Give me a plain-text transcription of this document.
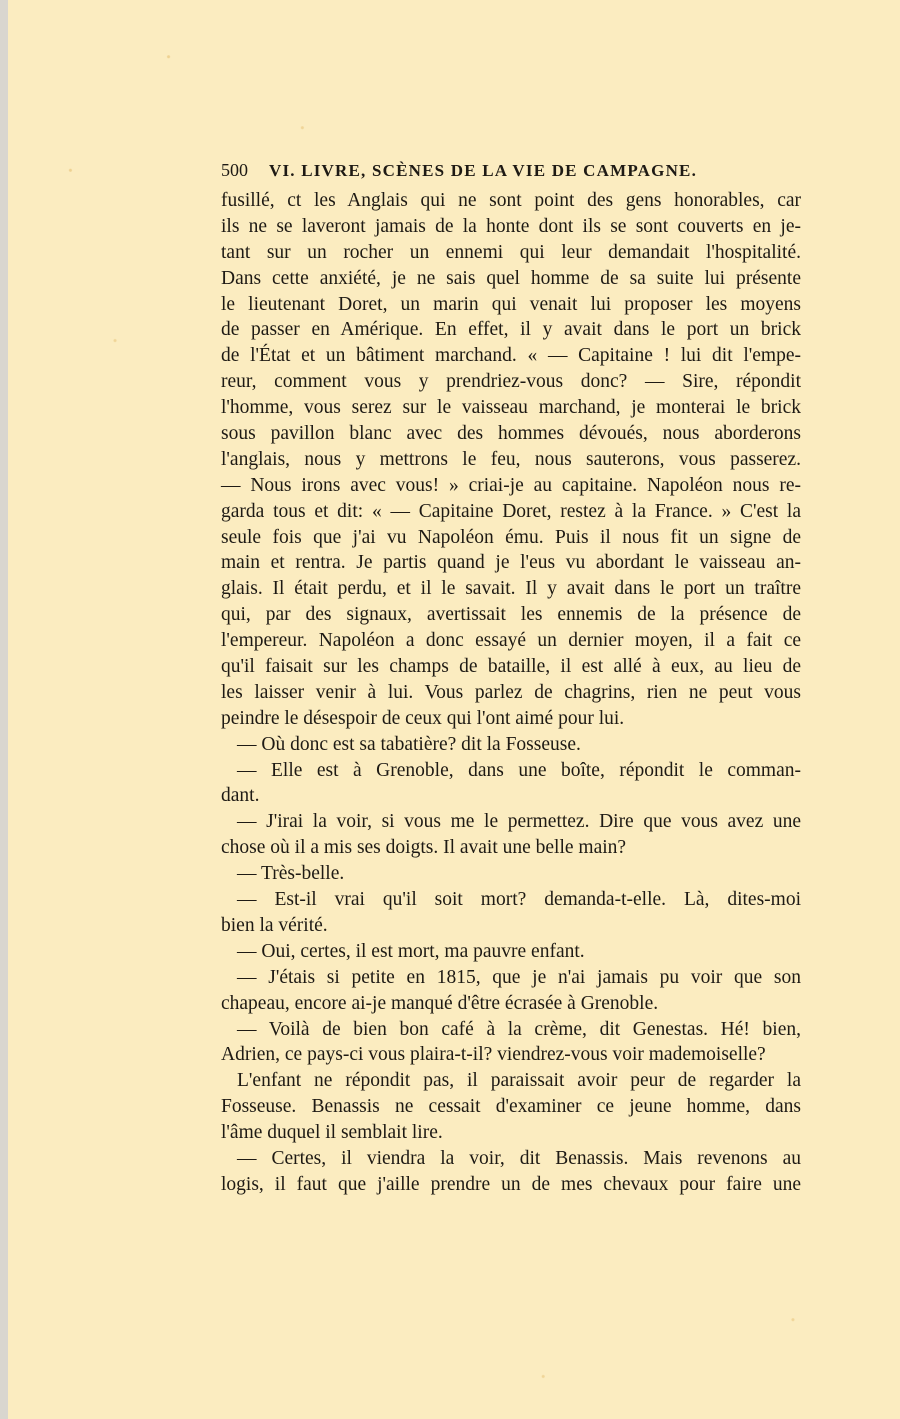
500	VI. LIVRE, SCÈNES DE LA VIE DE CAMPAGNE.
fusillé, ct les Anglais qui ne sont point des gens honorables, car
ils ne se laveront jamais de la honte dont ils se sont couverts en je-
tant sur un rocher un ennemi qui leur demandait l'hospitalité.
Dans cette anxiété, je ne sais quel homme de sa suite lui présente
le lieutenant Doret, un marin qui venait lui proposer les moyens
de passer en Amérique. En effet, il y avait dans le port un brick
de l'État et un bâtiment marchand. « — Capitaine ! lui dit l'empe-
reur, comment vous y prendriez-vous donc? — Sire, répondit
l'homme, vous serez sur le vaisseau marchand, je monterai le brick
sous pavillon blanc avec des hommes dévoués, nous aborderons
l'anglais, nous y mettrons le feu, nous sauterons, vous passerez.
— Nous irons avec vous! » criai-je au capitaine. Napoléon nous re-
garda tous et dit: « — Capitaine Doret, restez à la France. » C'est la
seule fois que j'ai vu Napoléon ému. Puis il nous fit un signe de
main et rentra. Je partis quand je l'eus vu abordant le vaisseau an-
glais. Il était perdu, et il le savait. Il y avait dans le port un traître
qui, par des signaux, avertissait les ennemis de la présence de
l'empereur. Napoléon a donc essayé un dernier moyen, il a fait ce
qu'il faisait sur les champs de bataille, il est allé à eux, au lieu de
les laisser venir à lui. Vous parlez de chagrins, rien ne peut vous
peindre le désespoir de ceux qui l'ont aimé pour lui.
— Où donc est sa tabatière? dit la Fosseuse.
— Elle est à Grenoble, dans une boîte, répondit le comman-
dant.
— J'irai la voir, si vous me le permettez. Dire que vous avez une
chose où il a mis ses doigts. Il avait une belle main?
— Très-belle.
— Est-il vrai qu'il soit mort? demanda-t-elle. Là, dites-moi
bien la vérité.
— Oui, certes, il est mort, ma pauvre enfant.
— J'étais si petite en 1815, que je n'ai jamais pu voir que son
chapeau, encore ai-je manqué d'être écrasée à Grenoble.
— Voilà de bien bon café à la crème, dit Genestas. Hé! bien,
Adrien, ce pays-ci vous plaira-t-il? viendrez-vous voir mademoiselle?
L'enfant ne répondit pas, il paraissait avoir peur de regarder la
Fosseuse. Benassis ne cessait d'examiner ce jeune homme, dans
l'âme duquel il semblait lire.
— Certes, il viendra la voir, dit Benassis. Mais revenons au
logis, il faut que j'aille prendre un de mes chevaux pour faire une
